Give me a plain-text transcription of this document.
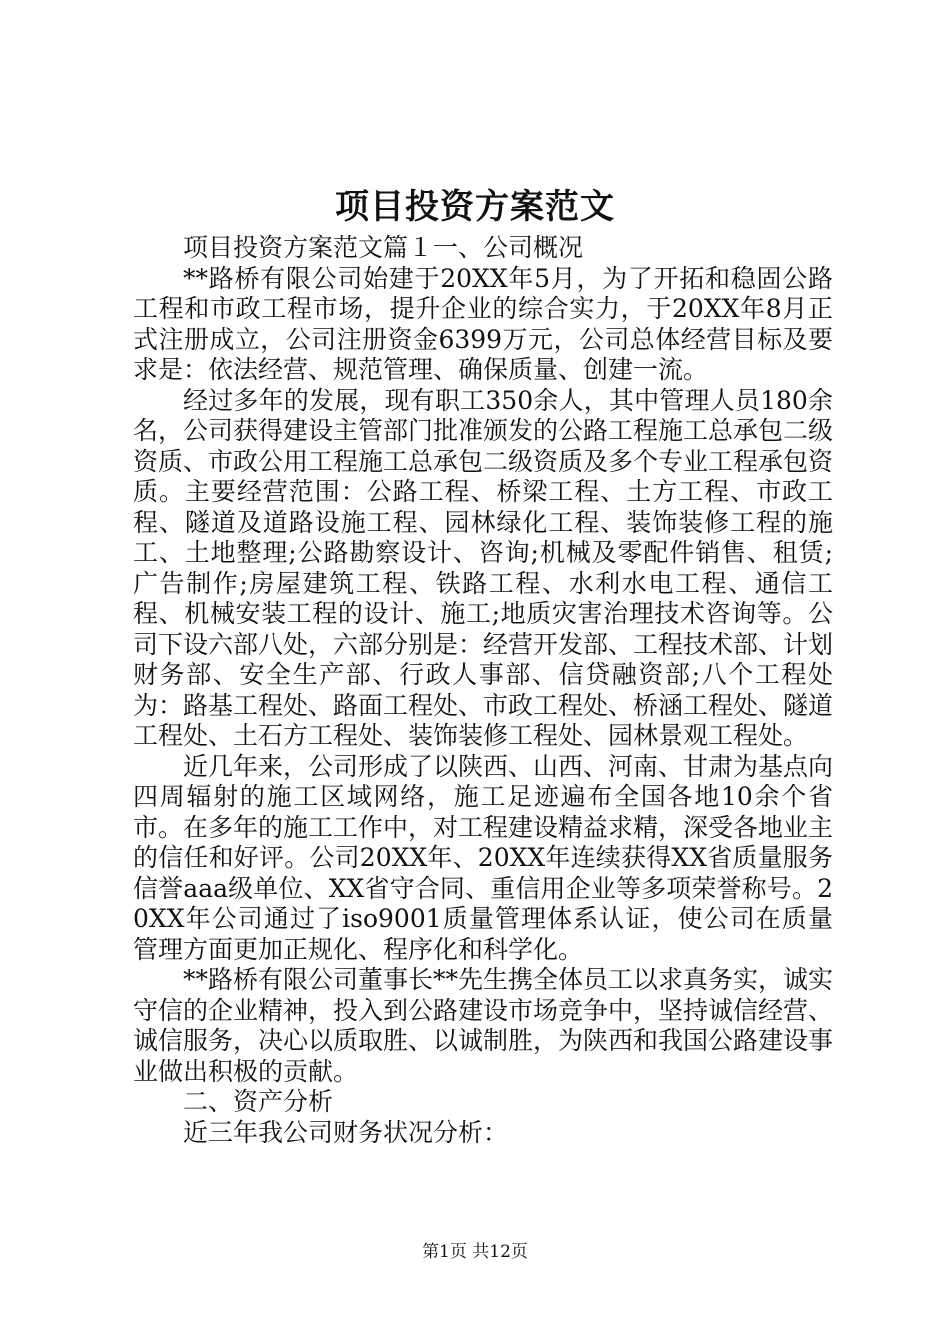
项目投资方案范文

项目投资方案范文篇１一、公司概况

**路桥有限公司始建于20XX年5月，为了开拓和稳固公路工程和市政工程市场，提升企业的综合实力，于20XX年8月正式注册成立，公司注册资金6399万元，公司总体经营目标及要求是：依法经营、规范管理、确保质量、创建一流。

经过多年的发展，现有职工350余人，其中管理人员180余名，公司获得建设主管部门批准颁发的公路工程施工总承包二级资质、市政公用工程施工总承包二级资质及多个专业工程承包资质。主要经营范围：公路工程、桥梁工程、土方工程、市政工程、隧道及道路设施工程、园林绿化工程、装饰装修工程的施工、土地整理;公路勘察设计、咨询;机械及零配件销售、租赁;广告制作;房屋建筑工程、铁路工程、水利水电工程、通信工程、机械安装工程的设计、施工;地质灾害治理技术咨询等。公司下设六部八处，六部分别是：经营开发部、工程技术部、计划财务部、安全生产部、行政人事部、信贷融资部;八个工程处为：路基工程处、路面工程处、市政工程处、桥涵工程处、隧道工程处、土石方工程处、装饰装修工程处、园林景观工程处。

近几年来，公司形成了以陕西、山西、河南、甘肃为基点向四周辐射的施工区域网络，施工足迹遍布全国各地10余个省市。在多年的施工工作中，对工程建设精益求精，深受各地业主的信任和好评。公司20XX年、20XX年连续获得XX省质量服务信誉aaa级单位、XX省守合同、重信用企业等多项荣誉称号。20XX年公司通过了iso9001质量管理体系认证，使公司在质量管理方面更加正规化、程序化和科学化。

**路桥有限公司董事长**先生携全体员工以求真务实，诚实守信的企业精神，投入到公路建设市场竞争中，坚持诚信经营、诚信服务，决心以质取胜、以诚制胜，为陕西和我国公路建设事业做出积极的贡献。

二、资产分析

近三年我公司财务状况分析：

第1页 共12页
